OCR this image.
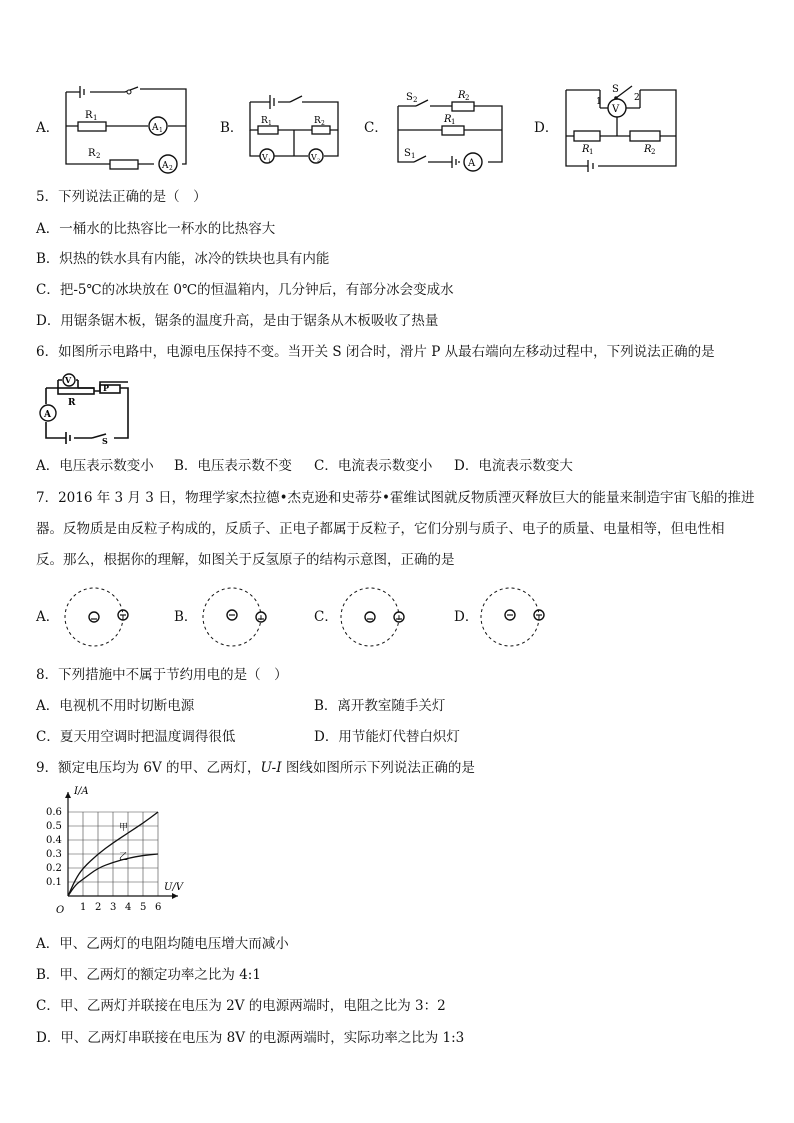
A．
R 1
R 2
A 1
A 2
B． R 1	R 2
V 1	V 2
C．
S 2	R 2
R 1
S 1
A
D．
S
1	2
V
R 1	R 2
5．下列说法正确的是（　）
A．一桶水的比热容比一杯水的比热容大
B．炽热的铁水具有内能，冰冷的铁块也具有内能
C．把-5℃的冰块放在 0℃的恒温箱内，几分钟后，有部分冰会变成水
D．用锯条锯木板，锯条的温度升高，是由于锯条从木板吸收了热量
6．如图所示电路中，电源电压保持不变。当开关 S 闭合时，滑片 P 从最右端向左移动过程中，下列说法正确的是
V
A
R
P
S
A．电压表示数变小 B．电压表示数不变 C．电流表示数变小 D．电流表示数变大
7．2016 年 3 月 3 日，物理学家杰拉德•杰克逊和史蒂芬•霍维试图就反物质湮灭释放巨大的能量来制造宇宙飞船的推进
器。反物质是由反粒子构成的，反质子、正电子都属于反粒子，它们分别与质子、电子的质量、电量相等，但电性相
反。那么，根据你的理解，如图关于反氢原子的结构示意图，正确的是
A．	B．	C．	D．
8．下列措施中不属于节约用电的是（　）
A．电视机不用时切断电源	B．离开教室随手关灯
C．夏天用空调时把温度调得很低	D．用节能灯代替白炽灯
9．额定电压均为 6V 的甲、乙两灯，U-I 图线如图所示下列说法正确的是
1 2 3 4 5 6
0.1
0.2
0.3
0.4
0.5
0.6
O
I/A
U/V
甲
乙
A．甲、乙两灯的电阻均随电压增大而减小
B．甲、乙两灯的额定功率之比为 4:1
C．甲、乙两灯并联接在电压为 2V 的电源两端时，电阻之比为 3：2
D．甲、乙两灯串联接在电压为 8V 的电源两端时，实际功率之比为 1:3
